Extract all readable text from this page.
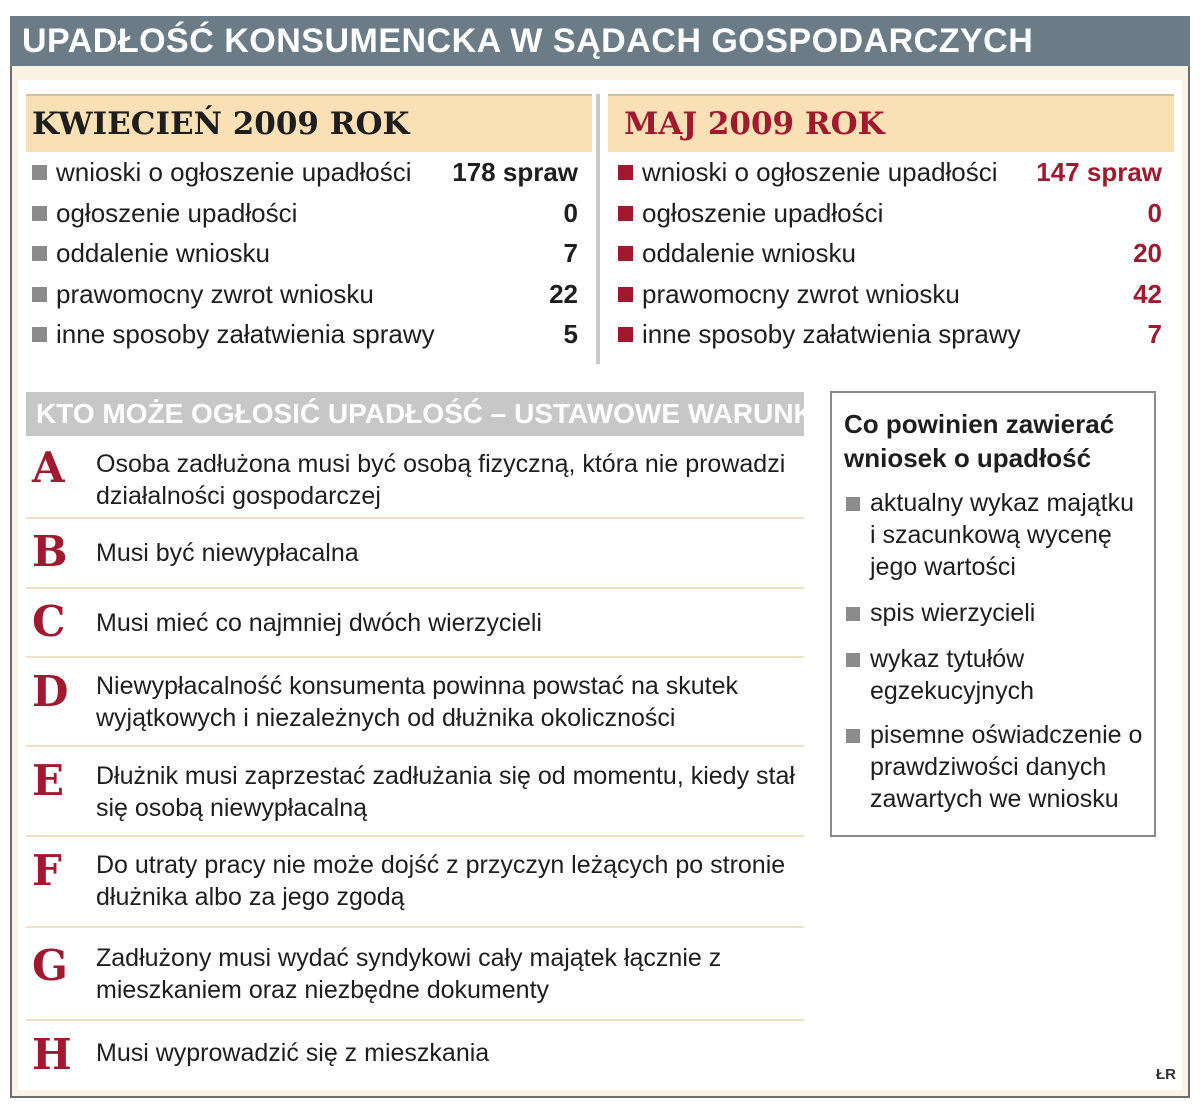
UPADŁOŚĆ KONSUMENCKA W SĄDACH GOSPODARCZYCH
KWIECIEŃ 2009 ROK
wnioski o ogłoszenie upadłości 178 spraw
ogłoszenie upadłości	0
oddalenie wniosku	7
prawomocny zwrot wniosku	22
inne sposoby załatwienia sprawy	5
MAJ 2009 ROK
wnioski o ogłoszenie upadłości 147 spraw
ogłoszenie upadłości	0
oddalenie wniosku	20
prawomocny zwrot wniosku	42
inne sposoby załatwienia sprawy	7
KTO MOŻE OGŁOSIĆ UPADŁOŚĆ – USTAWOWE WARUNKI
A Osoba zadłużona musi być osobą fizyczną, która nie prowadzi działalności gospodarczej
B Musi być niewypłacalna
C Musi mieć co najmniej dwóch wierzycieli
D Niewypłacalność konsumenta powinna powstać na skutek wyjątkowych i niezależnych od dłużnika okoliczności
E Dłużnik musi zaprzestać zadłużania się od momentu, kiedy stał się osobą niewypłacalną
F Do utraty pracy nie może dojść z przyczyn leżących po stronie dłużnika albo za jego zgodą
G Zadłużony musi wydać syndykowi cały majątek łącznie z mieszkaniem oraz niezbędne dokumenty
H Musi wyprowadzić się z mieszkania
Co powinien zawierać wniosek o upadłość
aktualny wykaz majątku i szacunkową wycenę jego wartości
spis wierzycieli
wykaz tytułów egzekucyjnych
pisemne oświadczenie o prawdziwości danych zawartych we wniosku
ŁR
